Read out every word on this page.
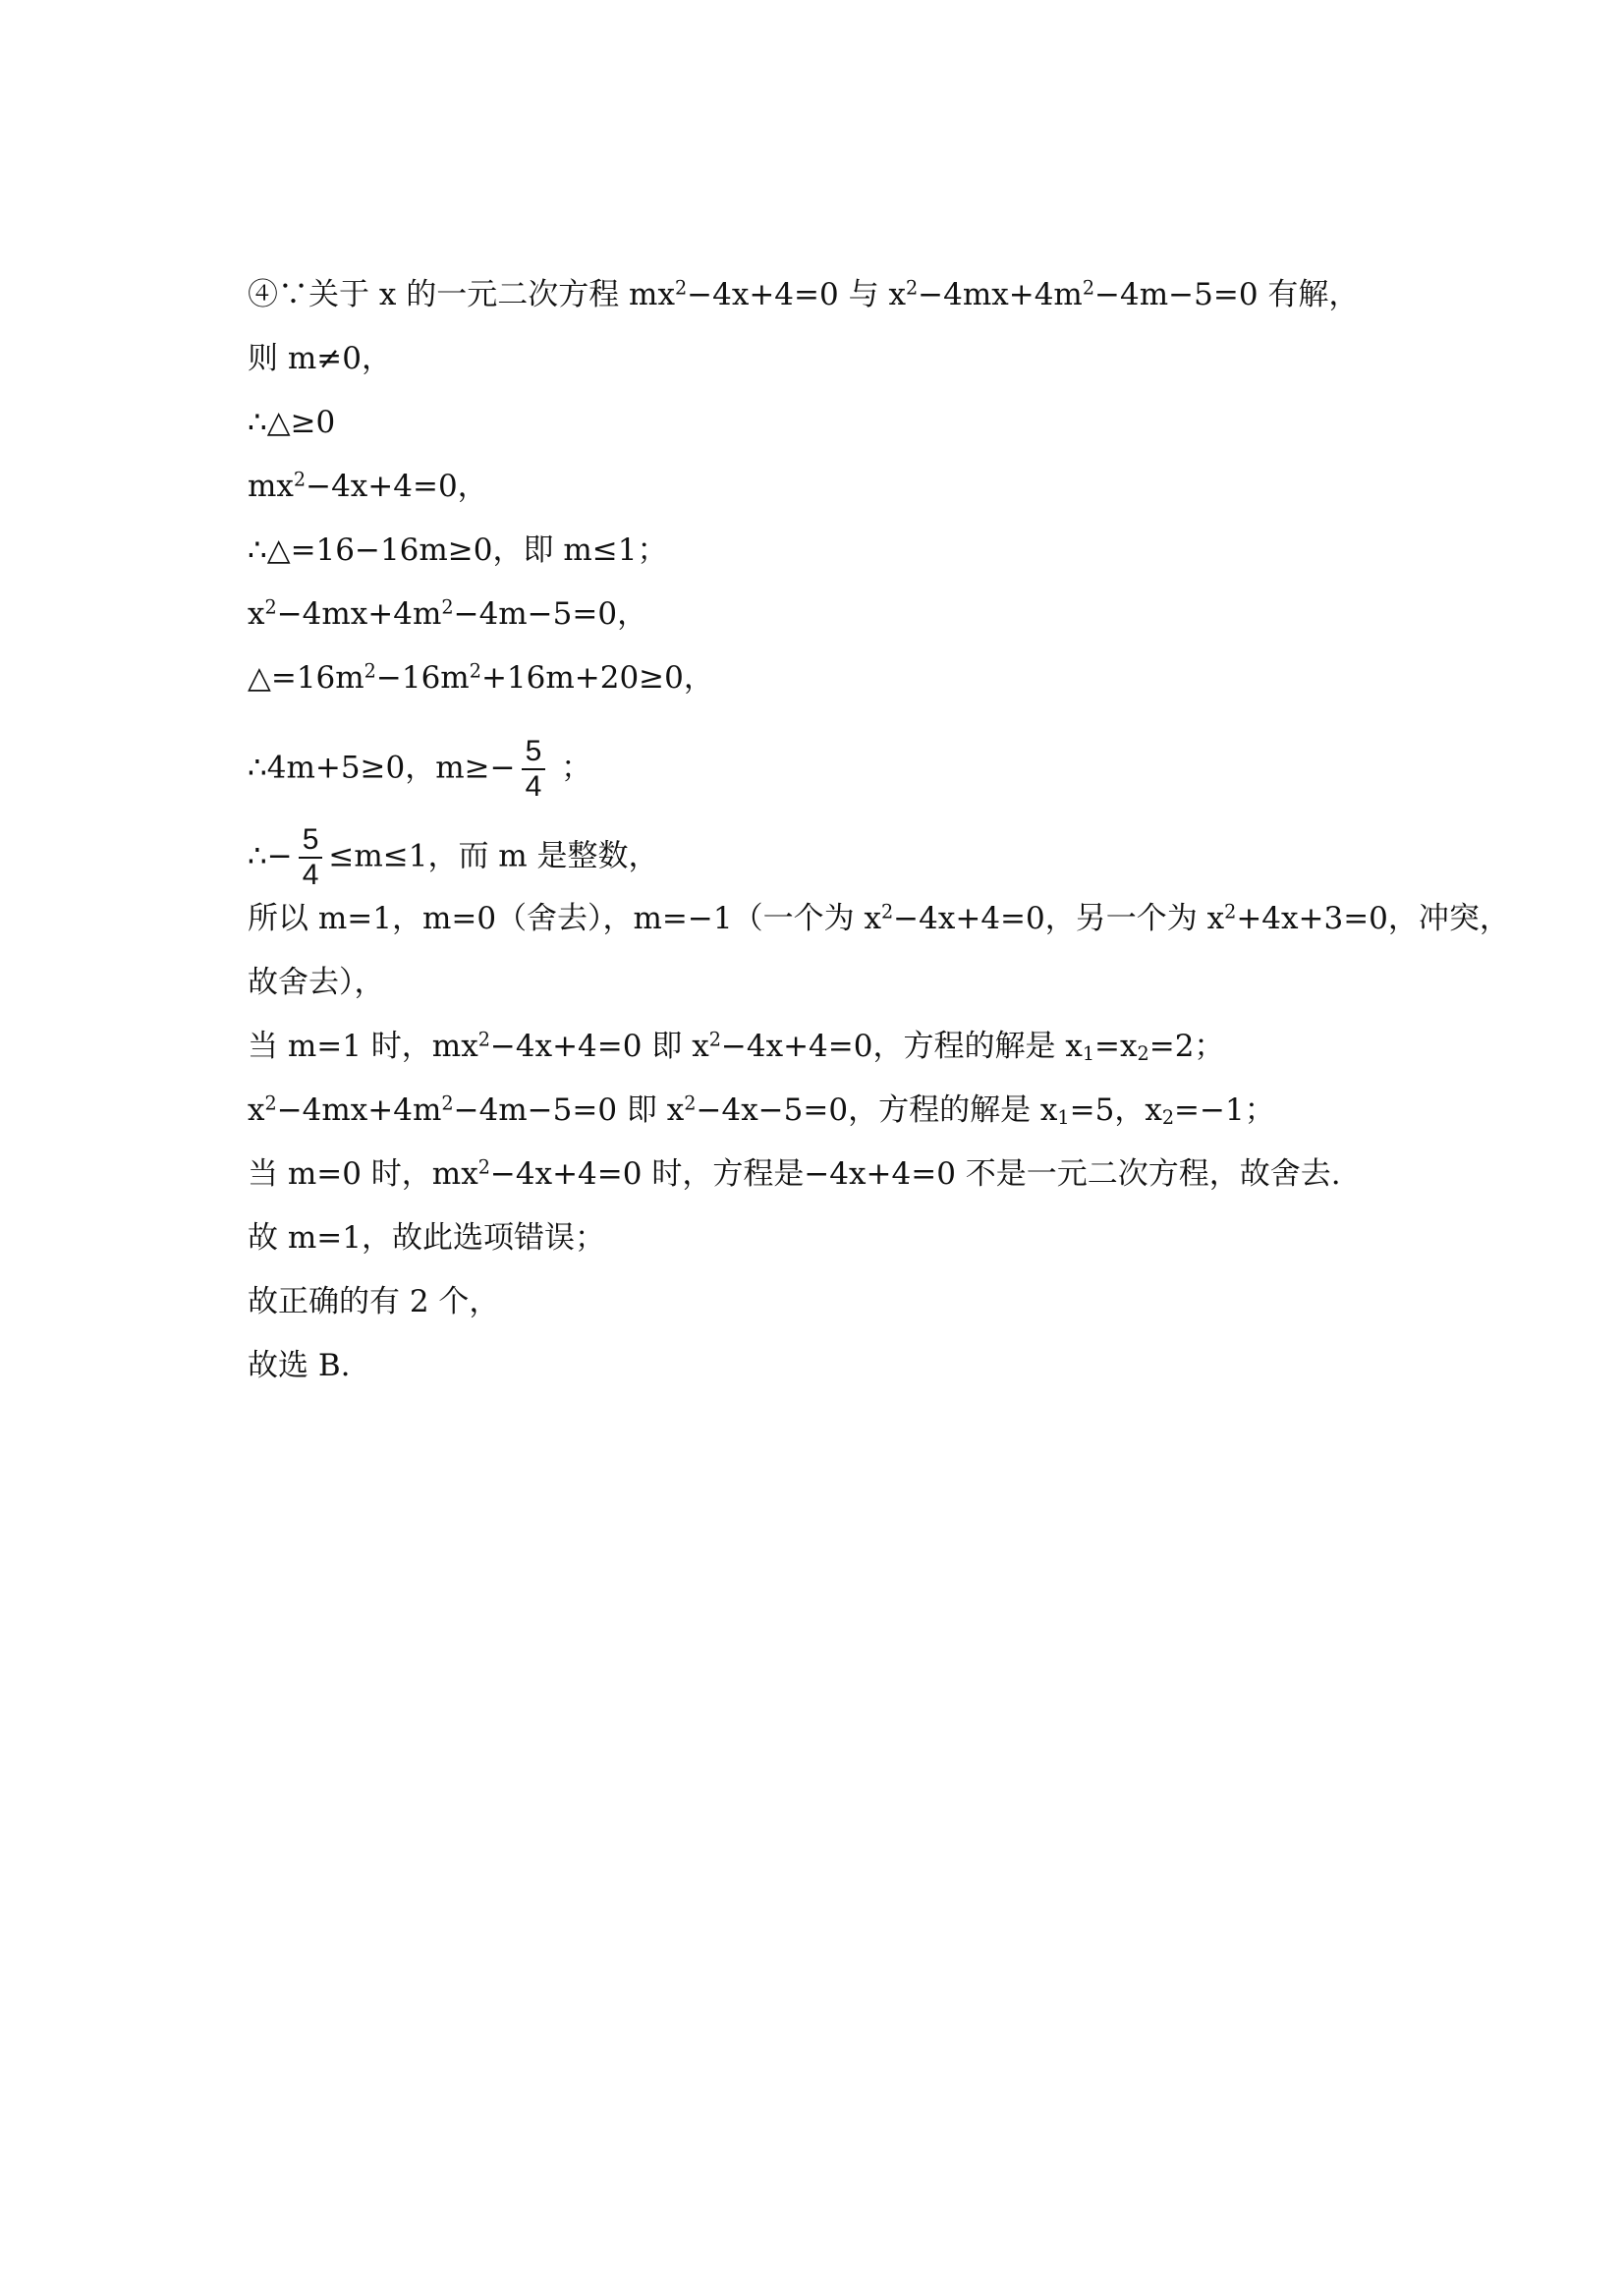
④∵关于 x 的一元二次方程 $mx^2-4x+4=0$ 与 $x^2-4mx+4m^2-4m-5=0$ 有解，
则 m≠0，
∴△≥0
$mx^2-4x+4=0$，
∴△=16−16m≥0，即 m≤1；
$x^2-4mx+4m^2-4m-5=0$，
$\triangle=16m^2-16m^2+16m+20\ge 0$，
∴4m+5≥0，$m\ge- \frac{5}{4}$ ；
∴− $\frac{5}{4} \le m\le 1$，而 m 是整数，
所以 m=1，m=0（舍去），m=−1（一个为 $x^2-4x+4=0$，另一个为 $x^2+4x+3=0$，冲突，
故舍去），
当 m=1 时，$mx^2-4x+4=0$ 即 $x^2-4x+4=0$，方程的解是 $x_1=x_2=2$；
$x^2-4mx+4m^2-4m-5=0$ 即 $x^2-4x-5=0$，方程的解是 $x_1=5$，$x_2=-1$；
当 m=0 时，$mx^2-4x+4=0$ 时，方程是−4x+4=0 不是一元二次方程，故舍去.
故 m=1，故此选项错误；
故正确的有 2 个，
故选 B.
